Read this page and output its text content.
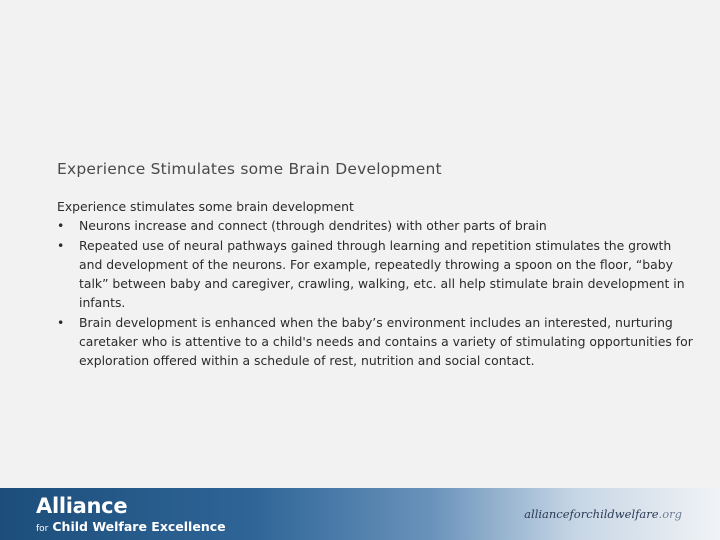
Experience Stimulates some Brain Development

Experience stimulates some brain development

•	Neurons increase and connect (through dendrites) with other parts of brain
•	Repeated use of neural pathways gained through learning and repetition stimulates the growth and development of the neurons. For example, repeatedly throwing a spoon on the floor, “baby talk” between baby and caregiver, crawling, walking, etc. all help stimulate brain development in infants.
•	Brain development is enhanced when the baby’s environment includes an interested, nurturing caretaker who is attentive to a child's needs and contains a variety of stimulating opportunities for exploration offered within a schedule of rest, nutrition and social contact.
Alliance
for Child Welfare Excellence
allianceforchildwelfare.org
